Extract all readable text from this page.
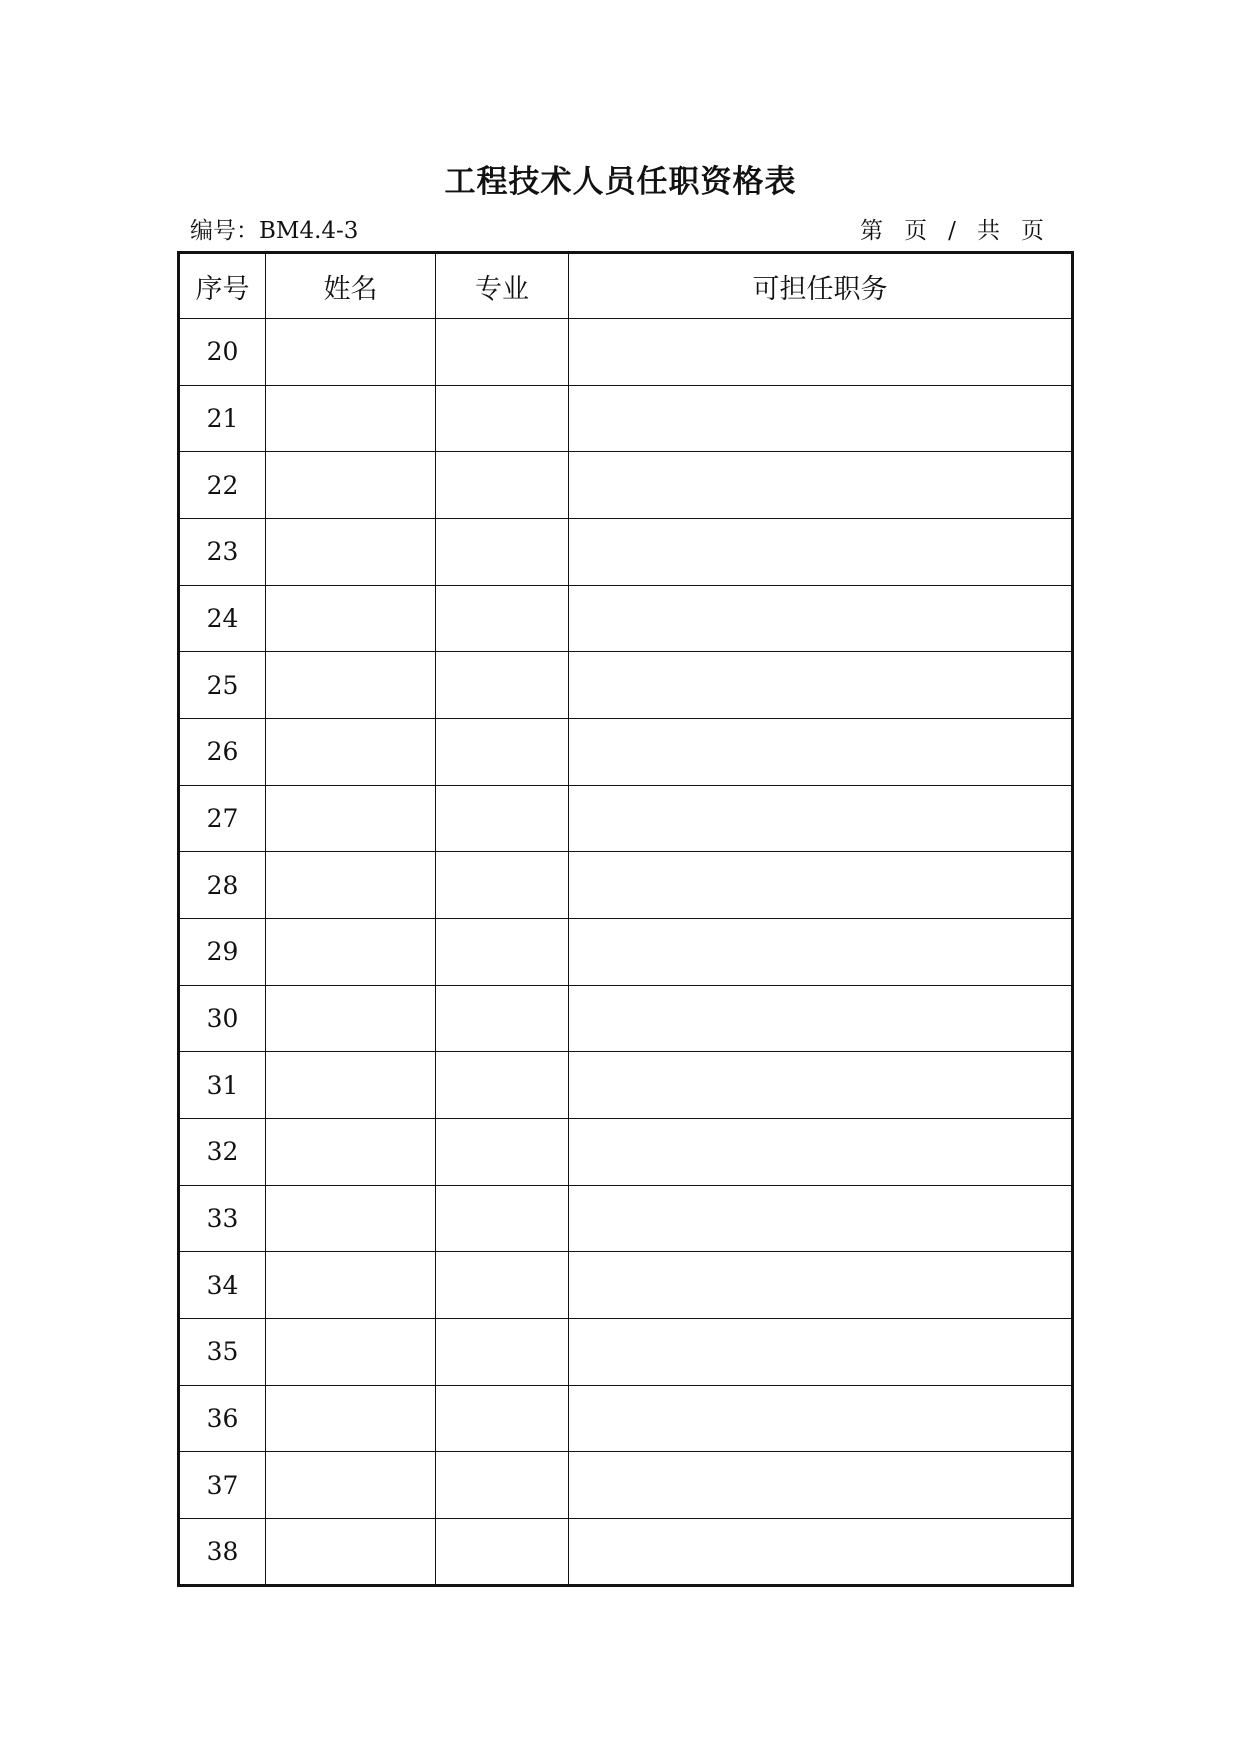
工程技术人员任职资格表
编号：BM4.4-3	第 页 / 共 页
序号	姓名	专业	可担任职务
20			
21			
22			
23			
24			
25			
26			
27			
28			
29			
30			
31			
32			
33			
34			
35			
36			
37			
38			
